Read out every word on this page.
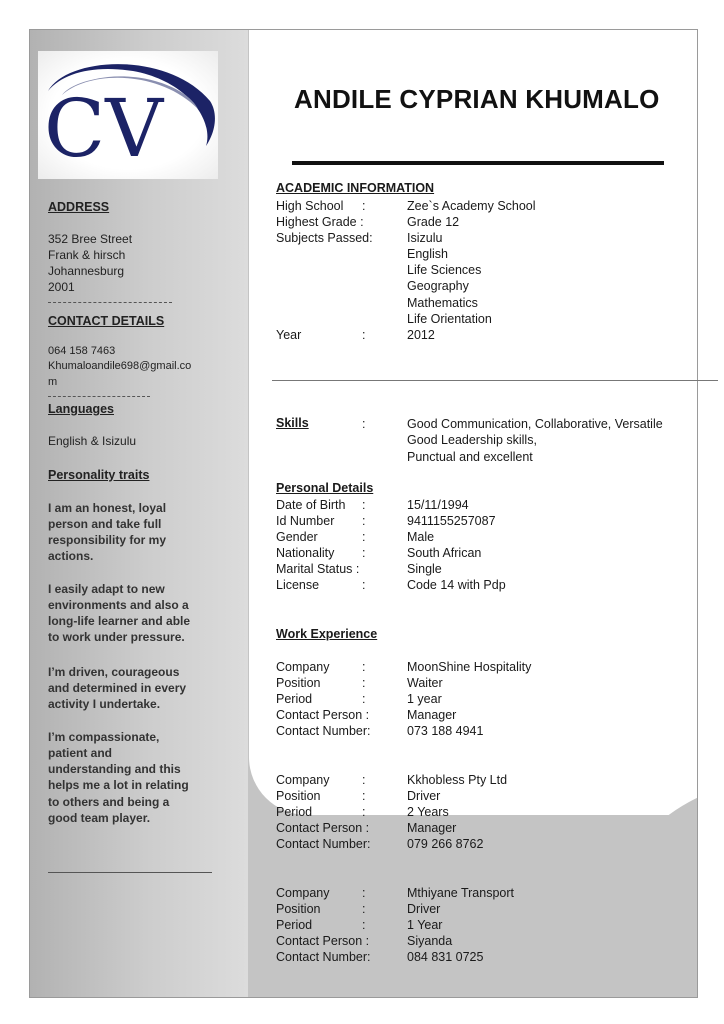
CV
ADDRESS
352 Bree Street
Frank & hirsch
Johannesburg
2001
CONTACT DETAILS
064 158 7463
Khumaloandile698@gmail.co
m
Languages
English & Isizulu
Personality traits
I am an honest, loyal
person and take full
responsibility for my
actions.
I easily adapt to new
environments and also a
long-life learner and able
to work under pressure.
I’m driven, courageous
and determined in every
activity I undertake.
I’m compassionate,
patient and
understanding and this
helps me a lot in relating
to others and being a
good team player.
ANDILE CYPRIAN KHUMALO
ACADEMIC INFORMATION
High School :	Zee`s Academy School
Highest Grade :	Grade 12
Subjects Passed:	Isizulu
English
Life Sciences
Geography
Mathematics
Life Orientation
Year	:	2012
Skills	:	Good Communication, Collaborative, Versatile
Good Leadership skills,
Punctual and excellent
Personal Details
Date of Birth :	15/11/1994
Id Number :	9411155257087
Gender	:	Male
Nationality :	South African
Marital Status :	Single
License	:	Code 14 with Pdp
Work Experience
Company	:	MoonShine Hospitality
Position	:	Waiter
Period	:	1 year
Contact Person :	Manager
Contact Number:	073 188 4941
Company	:	Kkhobless Pty Ltd
Position	:	Driver
Period	:	2 Years
Contact Person :	Manager
Contact Number:	079 266 8762
Company	:	Mthiyane Transport
Position	:	Driver
Period	:	1 Year
Contact Person :	Siyanda
Contact Number:	084 831 0725
